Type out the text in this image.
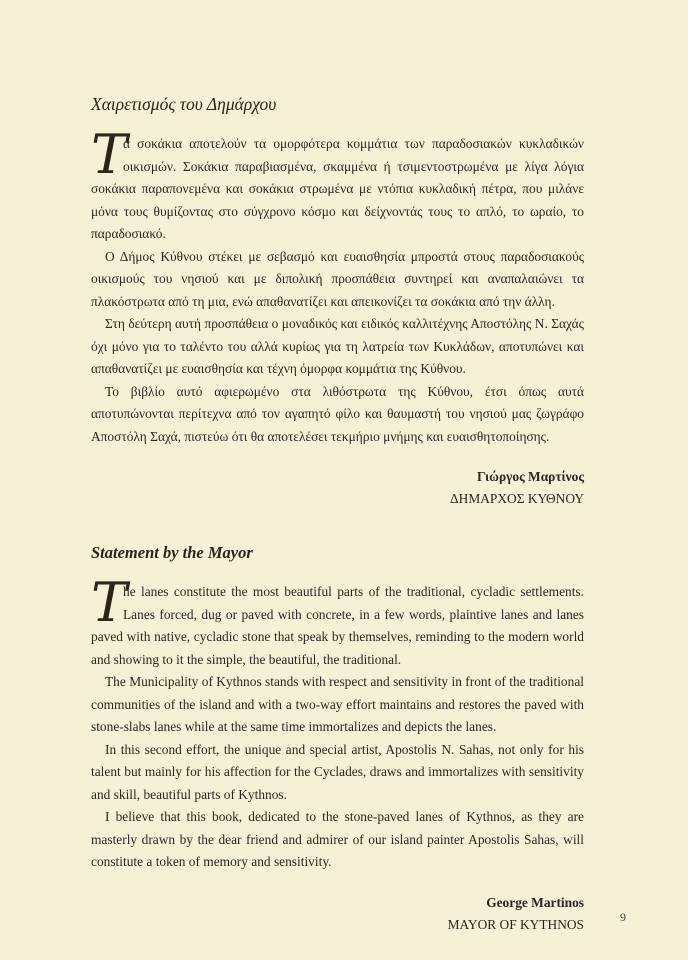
Χαιρετισμός του Δημάρχου

Τ
α σοκάκια αποτελούν τα ομορφότερα κομμάτια των παραδοσιακών κυκλαδικών οικισμών. Σοκάκια παραβιασμένα, σκαμμένα ή τσιμεντοστρωμένα με λίγα λόγια σοκάκια παραπονεμένα και σοκάκια στρωμένα με ντόπια κυκλαδική πέτρα, που μιλάνε μόνα τους θυμίζοντας στο σύγχρονο κόσμο και δείχνοντάς τους το απλό, το ωραίο, το παραδοσιακό.

Ο Δήμος Κύθνου στέκει με σεβασμό και ευαισθησία μπροστά στους παραδοσιακούς οικισμούς του νησιού και με διπολική προσπάθεια συντηρεί και αναπαλαιώνει τα πλακόστρωτα από τη μια, ενώ απαθανατίζει και απεικονίζει τα σοκάκια από την άλλη.

Στη δεύτερη αυτή προσπάθεια ο μοναδικός και ειδικός καλλιτέχνης Αποστόλης Ν. Σαχάς όχι μόνο για το ταλέντο του αλλά κυρίως για τη λατρεία των Κυκλάδων, αποτυπώνει και απαθανατίζει με ευαισθησία και τέχνη όμορφα κομμάτια της Κύθνου.

Το βιβλίο αυτό αφιερωμένο στα λιθόστρωτα της Κύθνου, έτσι όπως αυτά αποτυπώνονται περίτεχνα από τον αγαπητό φίλο και θαυμαστή του νησιού μας ζωγράφο Αποστόλη Σαχά, πιστεύω ότι θα αποτελέσει τεκμήριο μνήμης και ευαισθητοποίησης.

Γιώργος Μαρτίνος
ΔΗΜΑΡΧΟΣ ΚΥΘΝΟΥ
Statement by the Mayor

T
he lanes constitute the most beautiful parts of the traditional, cycladic settlements. Lanes forced, dug or paved with concrete, in a few words, plaintive lanes and lanes paved with native, cycladic stone that speak by themselves, reminding to the modern world and showing to it the simple, the beautiful, the traditional.

The Municipality of Kythnos stands with respect and sensitivity in front of the traditional communities of the island and with a two-way effort maintains and restores the paved with stone-slabs lanes while at the same time immortalizes and depicts the lanes.

In this second effort, the unique and special artist, Apostolis N. Sahas, not only for his talent but mainly for his affection for the Cyclades, draws and immortalizes with sensitivity and skill, beautiful parts of Kythnos.

I believe that this book, dedicated to the stone-paved lanes of Kythnos, as they are masterly drawn by the dear friend and admirer of our island painter Apostolis Sahas, will constitute a token of memory and sensitivity.

George Martinos
MAYOR OF KYTHNOS	9
